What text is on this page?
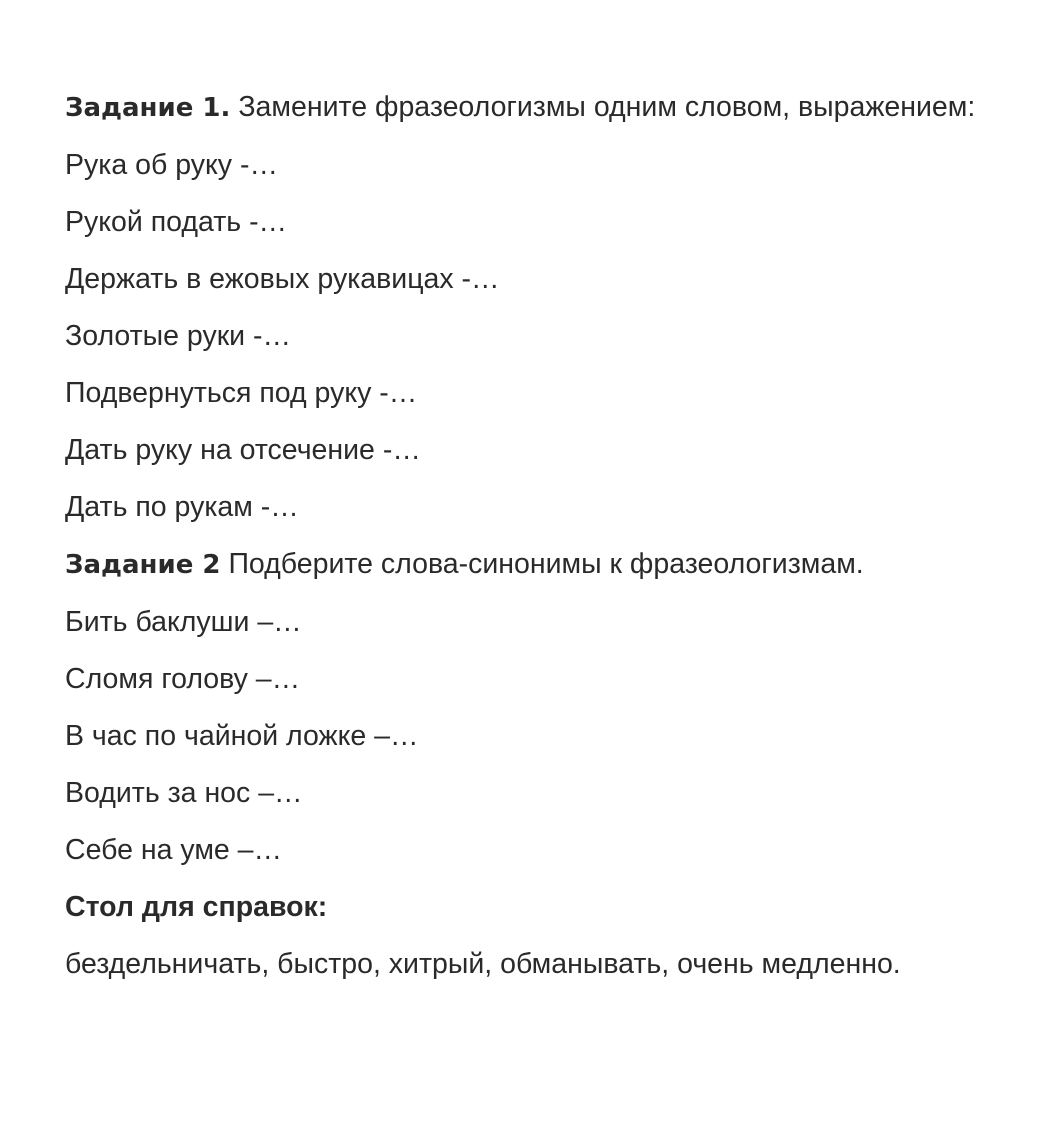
Задание 1. Замените фразеологизмы одним словом, выражением:

Рука об руку -…

Рукой подать -…

Держать в ежовых рукавицах -…

Золотые руки -…

Подвернуться под руку -…

Дать руку на отсечение -…

Дать по рукам -…

Задание 2 Подберите слова-синонимы к фразеологизмам.

Бить баклуши –…

Сломя голову –…

В час по чайной ложке –…

Водить за нос –…

Себе на уме –…

Стол для справок:

бездельничать, быстро, хитрый, обманывать, очень медленно.
